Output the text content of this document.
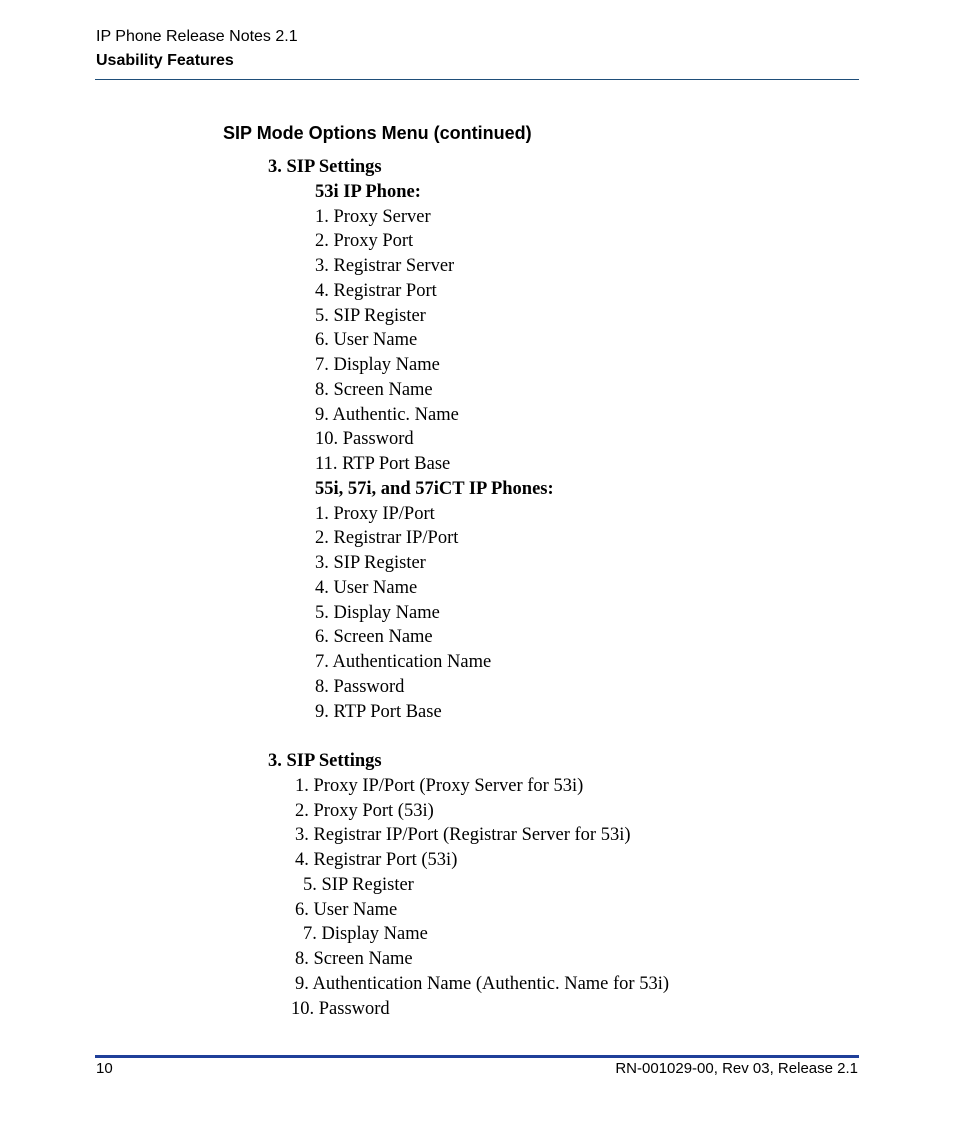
IP Phone Release Notes 2.1
Usability Features
SIP Mode Options Menu (continued)
3. SIP Settings
53i IP Phone:
1. Proxy Server
2. Proxy Port
3. Registrar Server
4. Registrar Port
5. SIP Register
6. User Name
7. Display Name
8. Screen Name
9. Authentic. Name
10. Password
11. RTP Port Base
55i, 57i, and 57iCT IP Phones:
1. Proxy IP/Port
2. Registrar IP/Port
3. SIP Register
4. User Name
5. Display Name
6. Screen Name
7. Authentication Name
8. Password
9. RTP Port Base
3. SIP Settings
1. Proxy IP/Port (Proxy Server for 53i)
2. Proxy Port (53i)
3. Registrar IP/Port (Registrar Server for 53i)
4. Registrar Port (53i)
5. SIP Register
6. User Name
7. Display Name
8. Screen Name
9. Authentication Name (Authentic. Name for 53i)
10. Password
10	RN-001029-00, Rev 03, Release 2.1
